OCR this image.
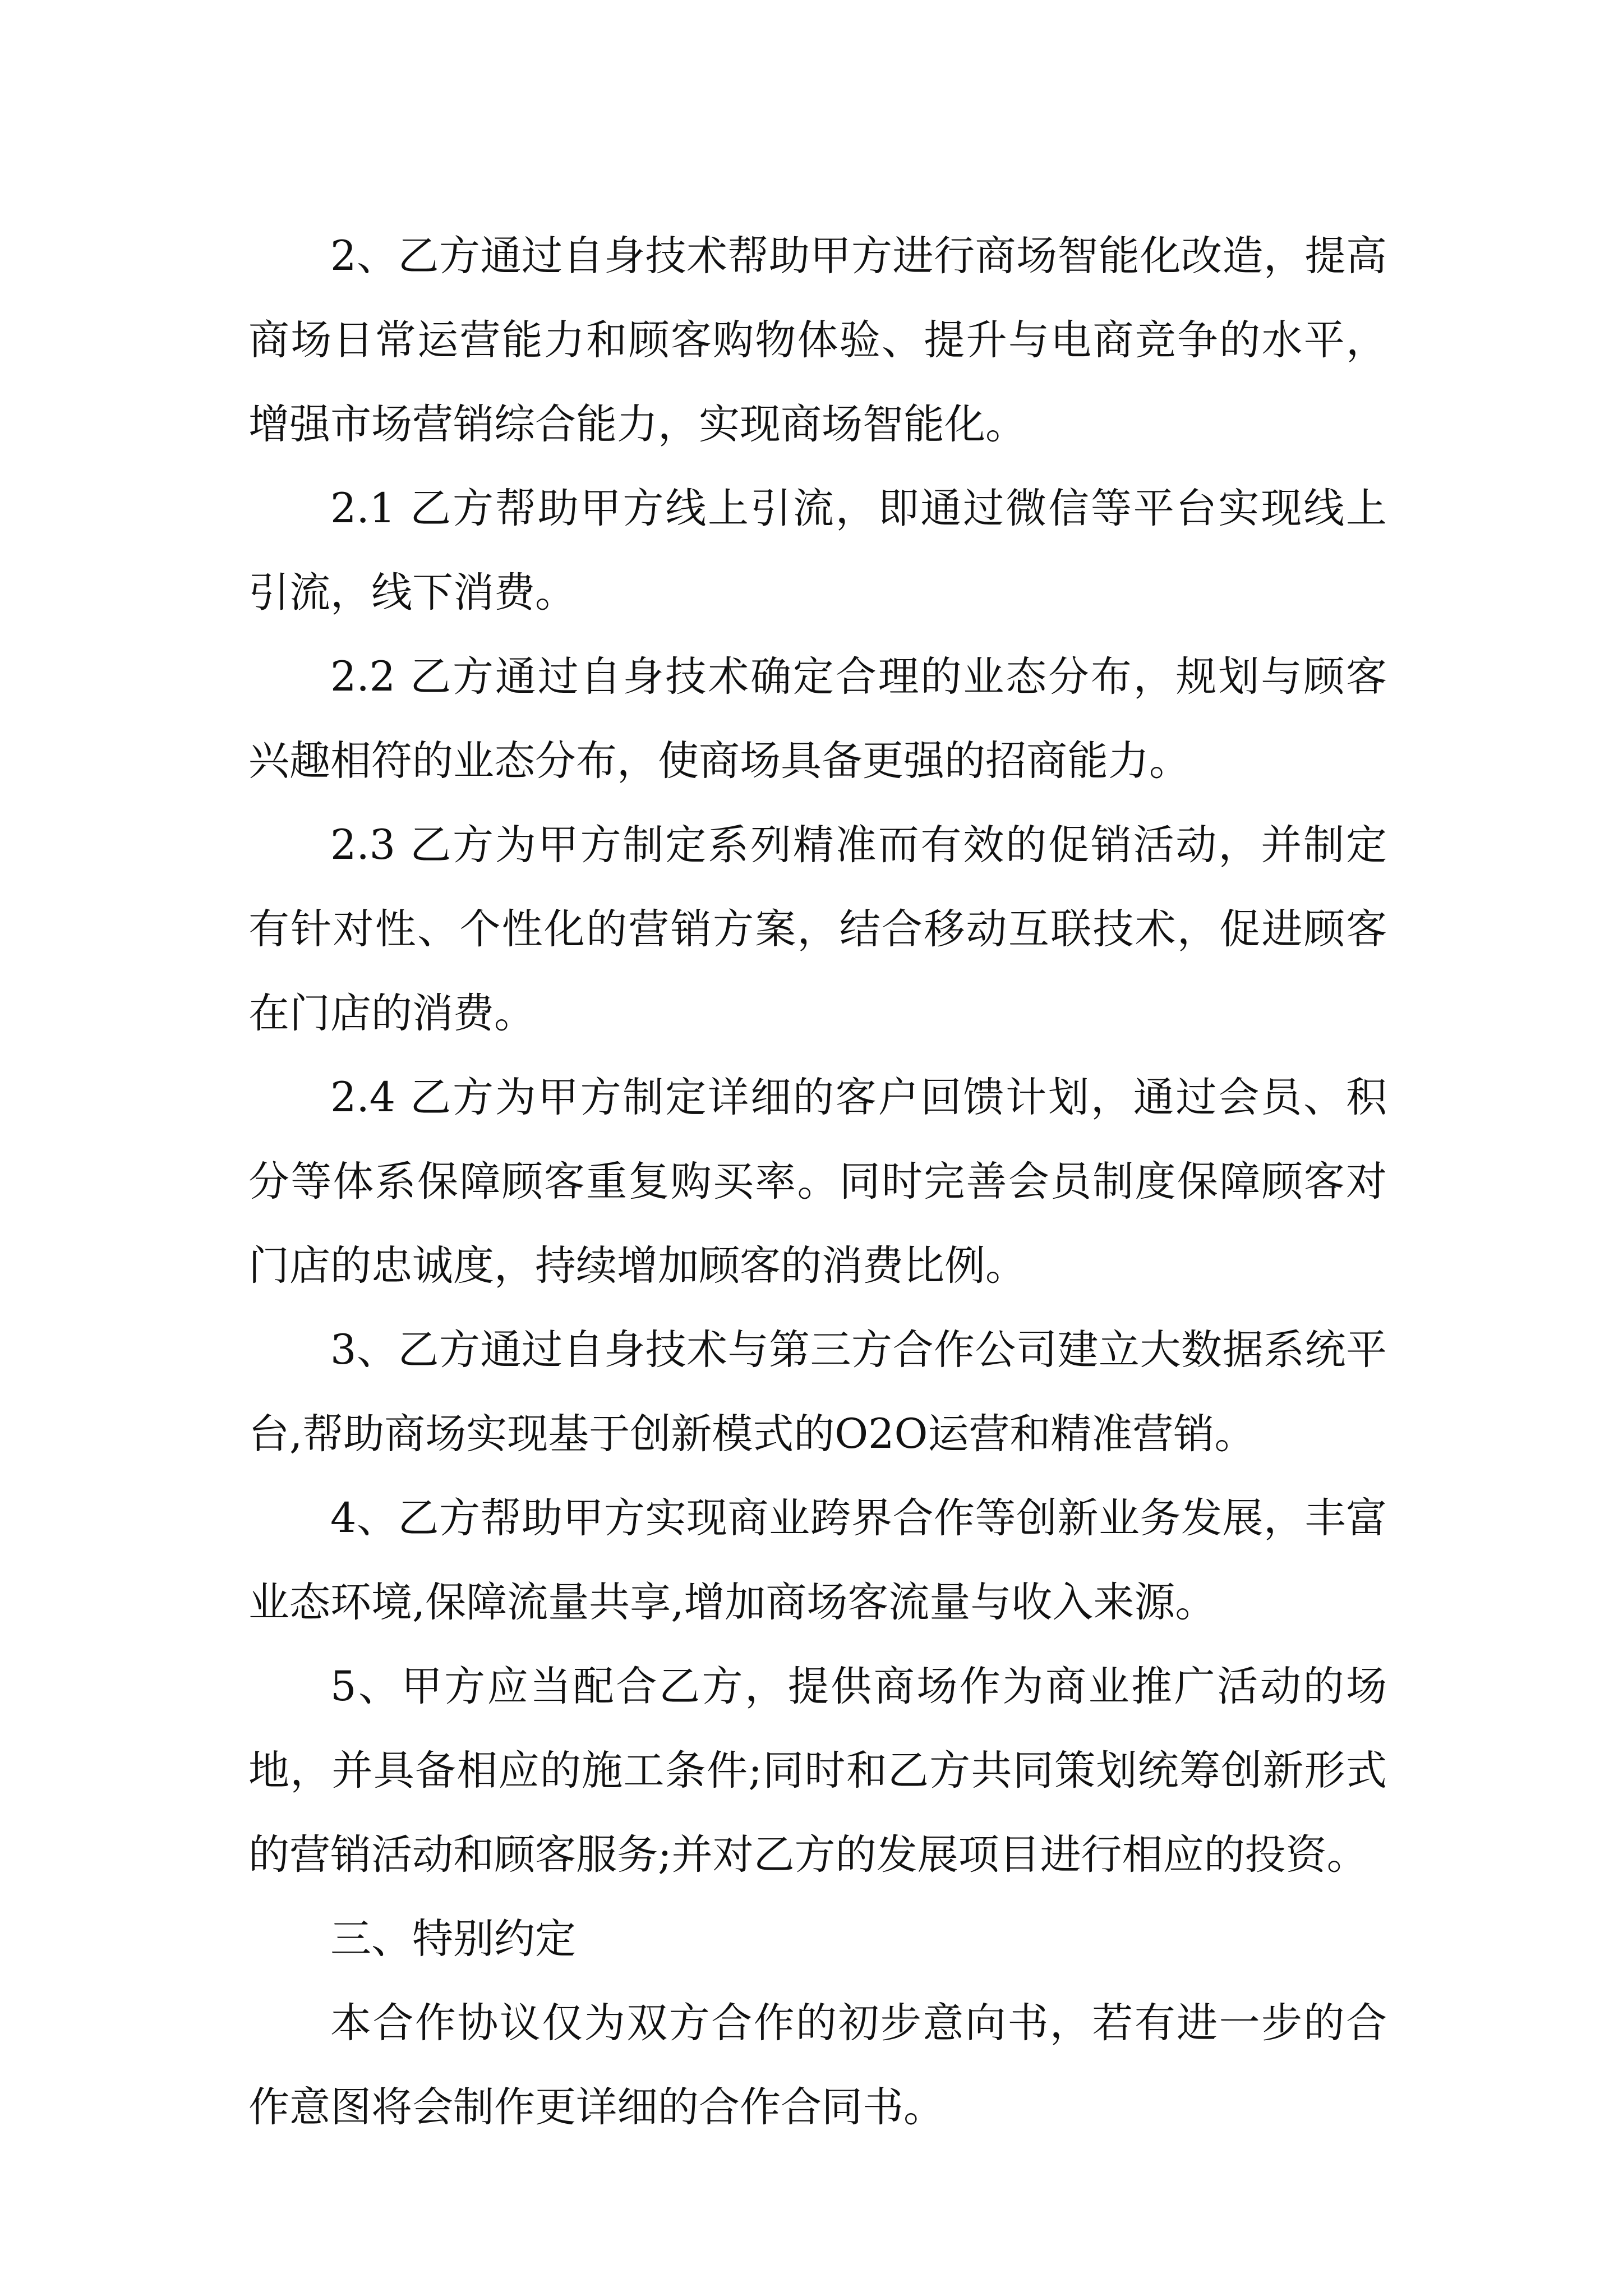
2、乙方通过自身技术帮助甲方进行商场智能化改造，提高商场日常运营能力和顾客购物体验、提升与电商竞争的水平，增强市场营销综合能力，实现商场智能化。

2.1 乙方帮助甲方线上引流，即通过微信等平台实现线上引流，线下消费。

2.2 乙方通过自身技术确定合理的业态分布，规划与顾客兴趣相符的业态分布，使商场具备更强的招商能力。

2.3 乙方为甲方制定系列精准而有效的促销活动，并制定有针对性、个性化的营销方案，结合移动互联技术，促进顾客在门店的消费。

2.4 乙方为甲方制定详细的客户回馈计划，通过会员、积分等体系保障顾客重复购买率。同时完善会员制度保障顾客对门店的忠诚度，持续增加顾客的消费比例。

3、乙方通过自身技术与第三方合作公司建立大数据系统平台,帮助商场实现基于创新模式的O2O运营和精准营销。

4、乙方帮助甲方实现商业跨界合作等创新业务发展，丰富业态环境,保障流量共享,增加商场客流量与收入来源。

5、甲方应当配合乙方，提供商场作为商业推广活动的场地，并具备相应的施工条件;同时和乙方共同策划统筹创新形式的营销活动和顾客服务;并对乙方的发展项目进行相应的投资。

三、特别约定

本合作协议仅为双方合作的初步意向书，若有进一步的合作意图将会制作更详细的合作合同书。
